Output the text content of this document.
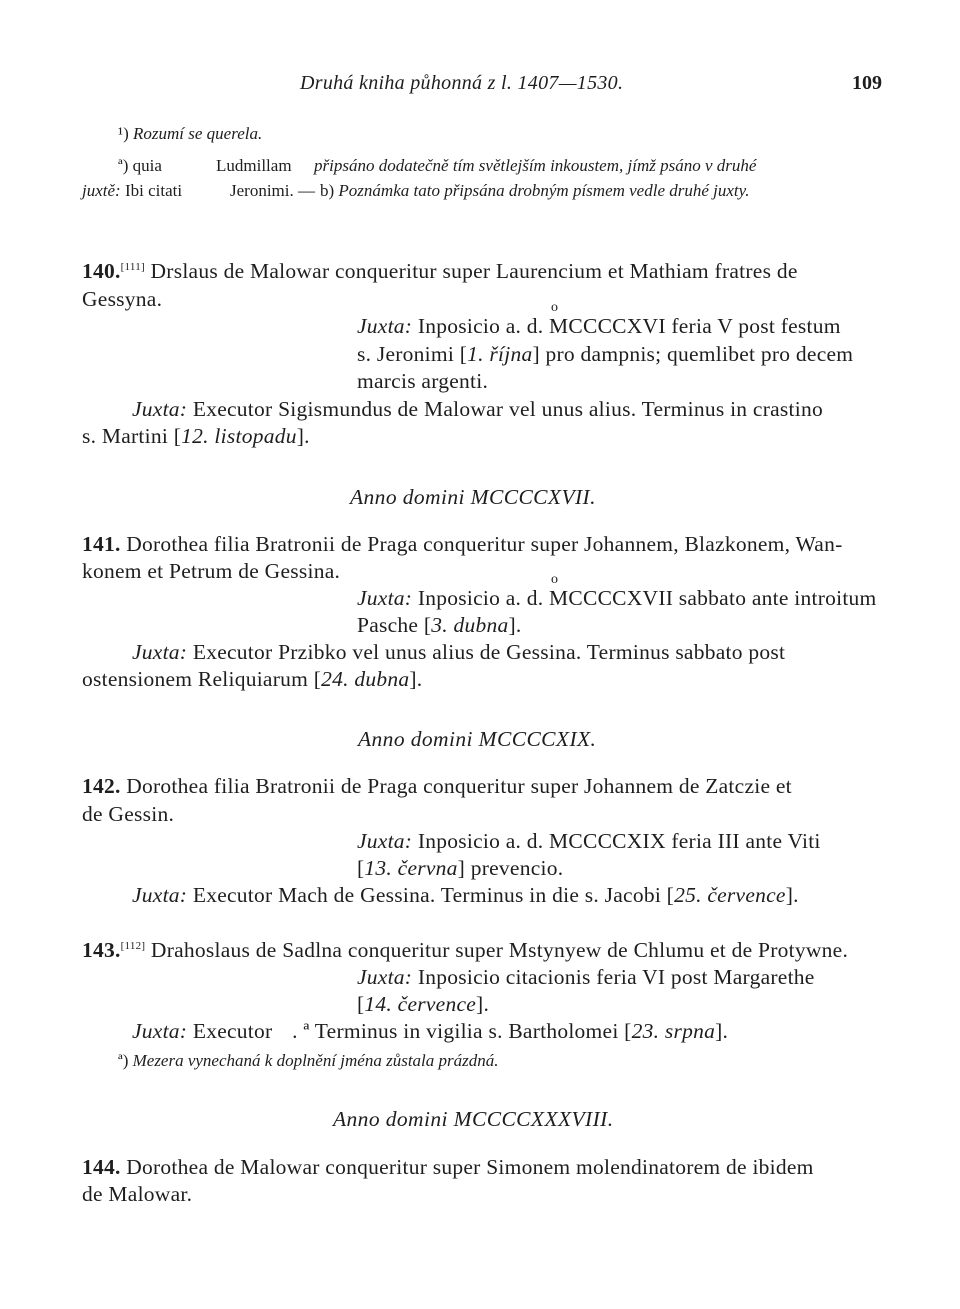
Druhá kniha půhonná z l. 1407—1530.	109
¹) Rozumí se querela.
ª) quia	Ludmillam připsáno dodatečně tím světlejším inkoustem, jímž psáno v druhé
juxtě: Ibi citati	Jeronimi. — b) Poznámka tato připsána drobným písmem vedle druhé juxty.
140.[111] Drslaus de Malowar conqueritur super Laurencium et Mathiam fratres de
Gessyna.
Juxta: Inposicio a. d. o MCCCCXVI feria V post festum
s. Jeronimi [1. října] pro dampnis; quemlibet pro decem
marcis argenti.
Juxta: Executor Sigismundus de Malowar vel unus alius. Terminus in crastino
s. Martini [12. listopadu].
Anno domini MCCCCXVII.
141. Dorothea filia Bratronii de Praga conqueritur super Johannem, Blazkonem, Wan-
konem et Petrum de Gessina.
Juxta: Inposicio a. d. o MCCCCXVII sabbato ante introitum
Pasche [3. dubna].
Juxta: Executor Przibko vel unus alius de Gessina. Terminus sabbato post
ostensionem Reliquiarum [24. dubna].
Anno domini MCCCCXIX.
142. Dorothea filia Bratronii de Praga conqueritur super Johannem de Zatczie et
de Gessin.
Juxta: Inposicio a. d. MCCCCXIX feria III ante Viti
[13. června] prevencio.
Juxta: Executor Mach de Gessina. Terminus in die s. Jacobi [25. července].
143.[112] Drahoslaus de Sadlna conqueritur super Mstynyew de Chlumu et de Protywne.
Juxta: Inposicio citacionis feria VI post Margarethe
[14. července].
Juxta: Executor . ª Terminus in vigilia s. Bartholomei [23. srpna].
ª) Mezera vynechaná k doplnění jména zůstala prázdná.
Anno domini MCCCCXXXVIII.
144. Dorothea de Malowar conqueritur super Simonem molendinatorem de ibidem
de Malowar.
